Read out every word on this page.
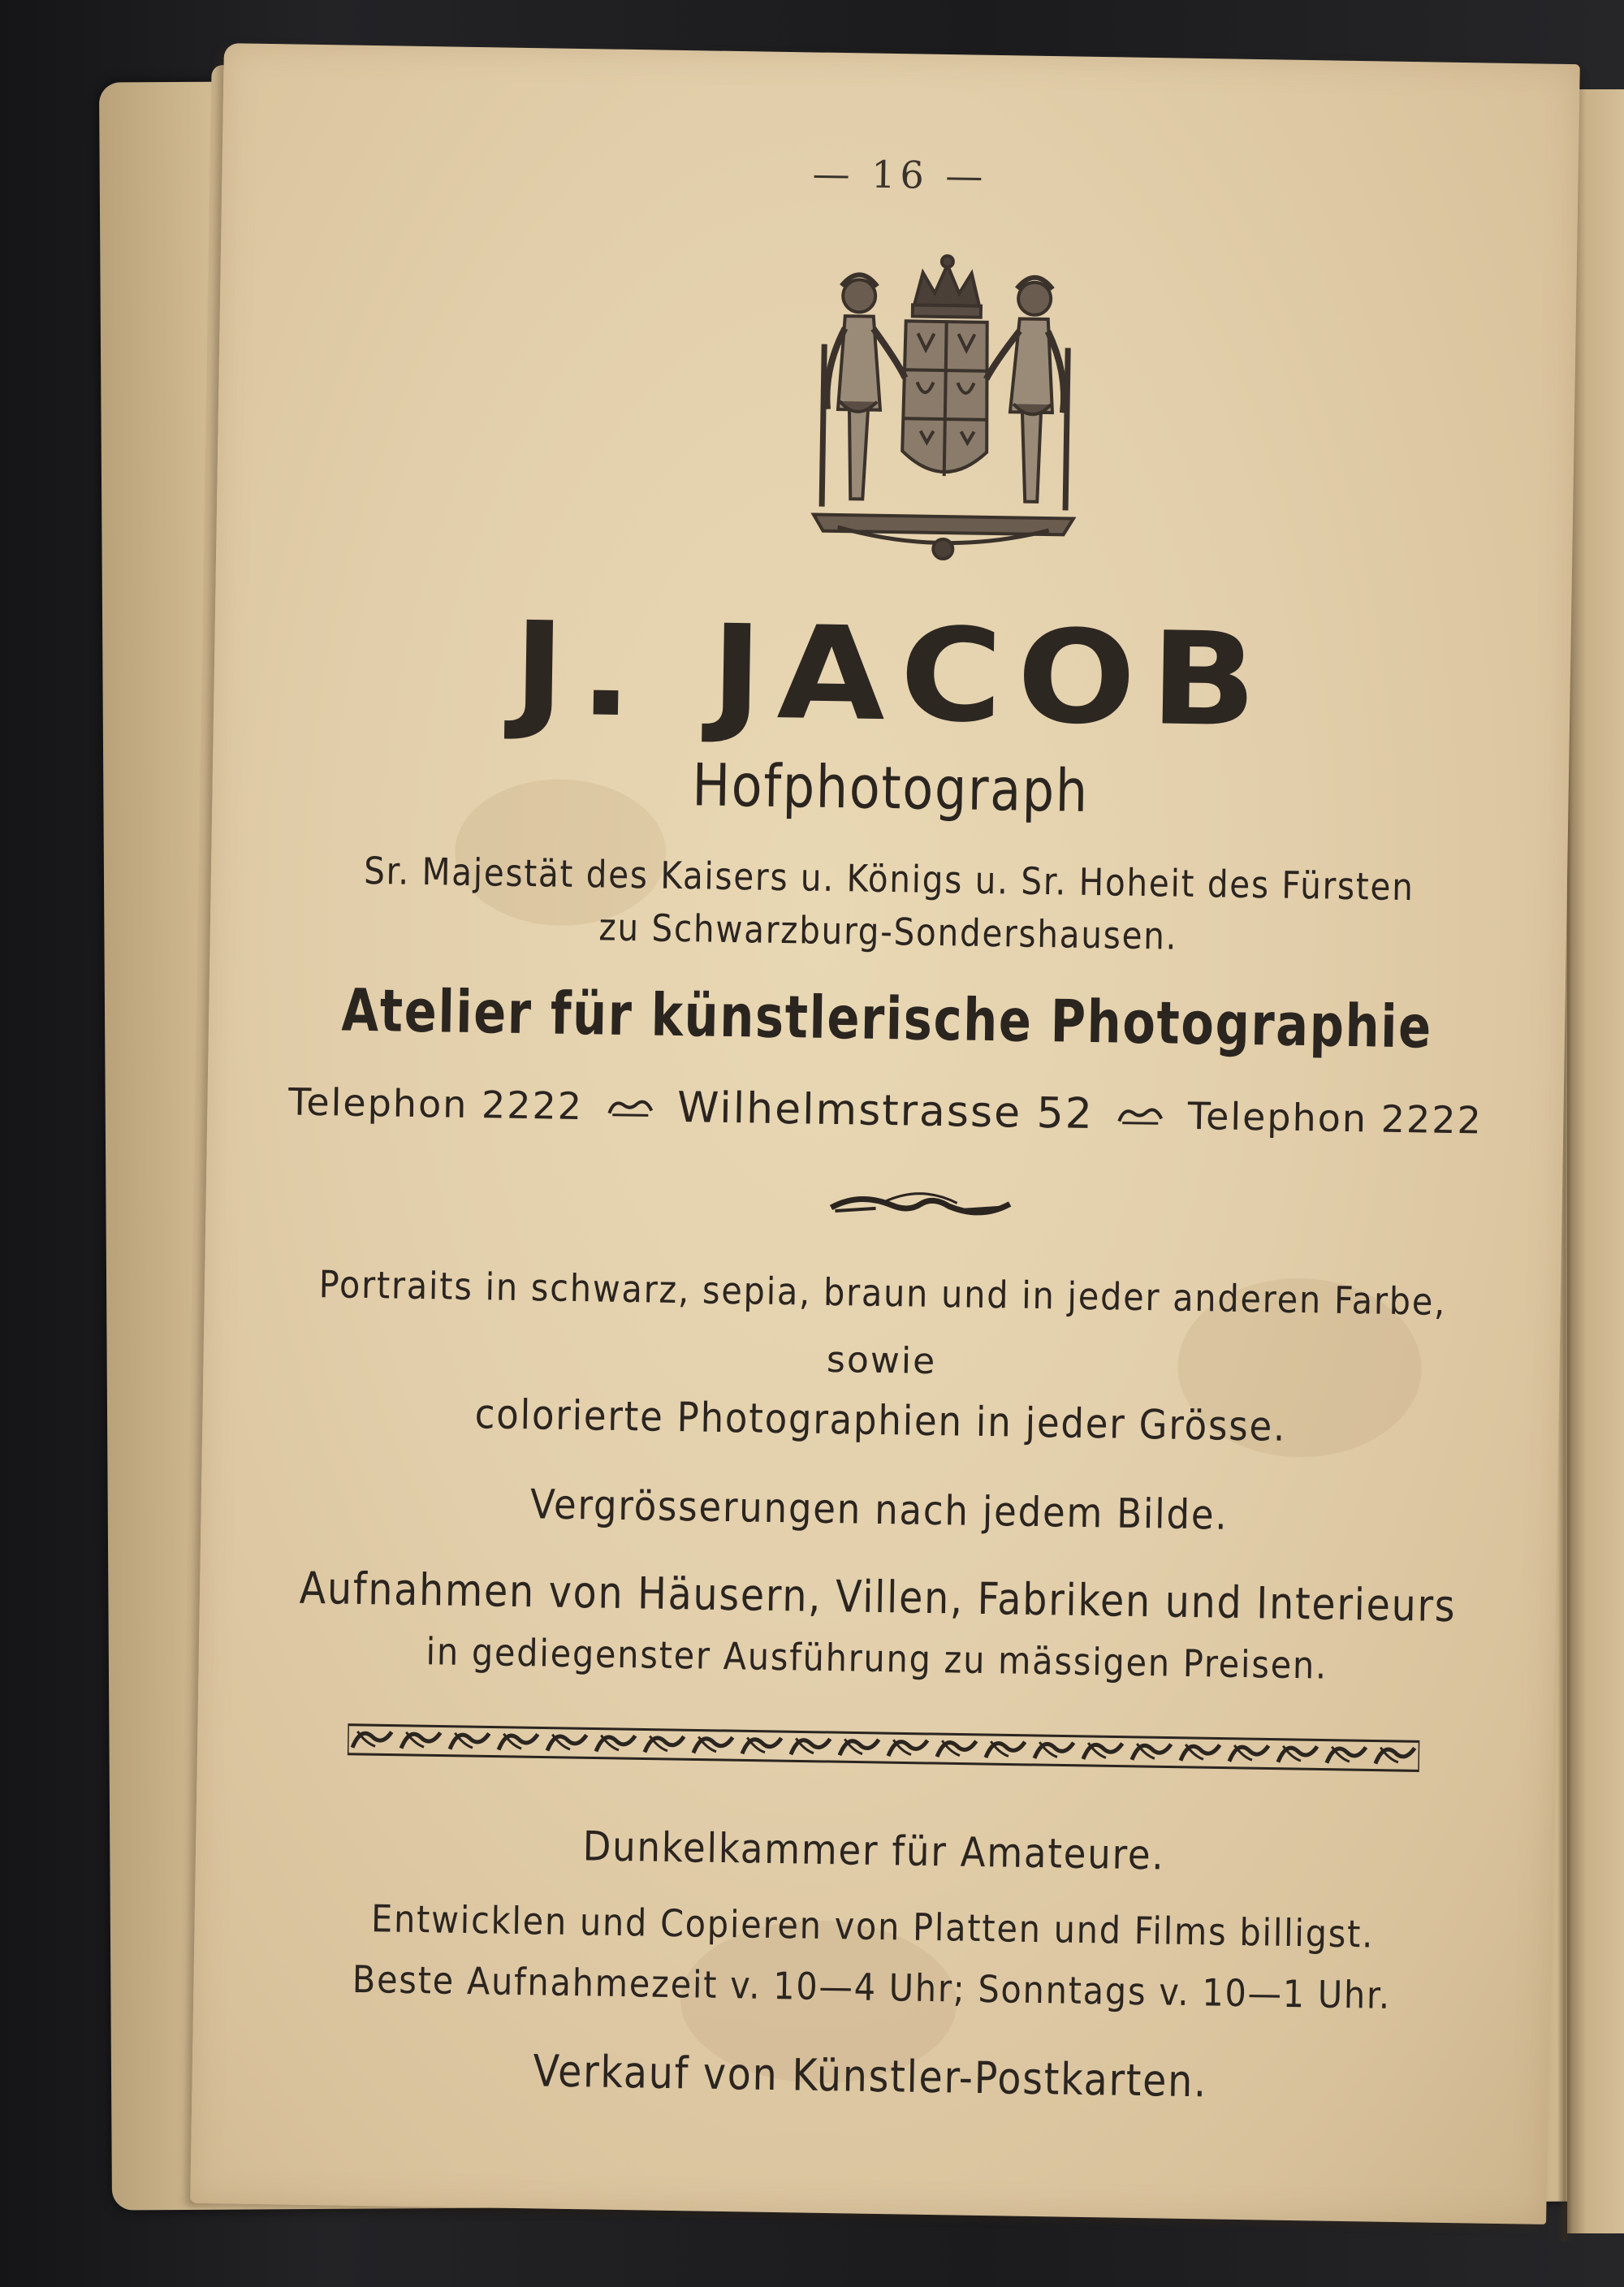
— 16 —
J. JACOB
Hofphotograph
Sr. Majestät des Kaisers u. Königs u. Sr. Hoheit des Fürsten
zu Schwarzburg-Sondershausen.
Atelier für künstlerische Photographie
Telephon 2222 Wilhelmstrasse 52	Telephon 2222
Portraits in schwarz, sepia, braun und in jeder anderen Farbe,
sowie
colorierte Photographien in jeder Grösse.
Vergrösserungen nach jedem Bilde.
Aufnahmen von Häusern, Villen, Fabriken und Interieurs
in gediegenster Ausführung zu mässigen Preisen.
Dunkelkammer für Amateure.
Entwicklen und Copieren von Platten und Films billigst.
Beste Aufnahmezeit v. 10—4 Uhr; Sonntags v. 10—1 Uhr.
Verkauf von Künstler-Postkarten.
